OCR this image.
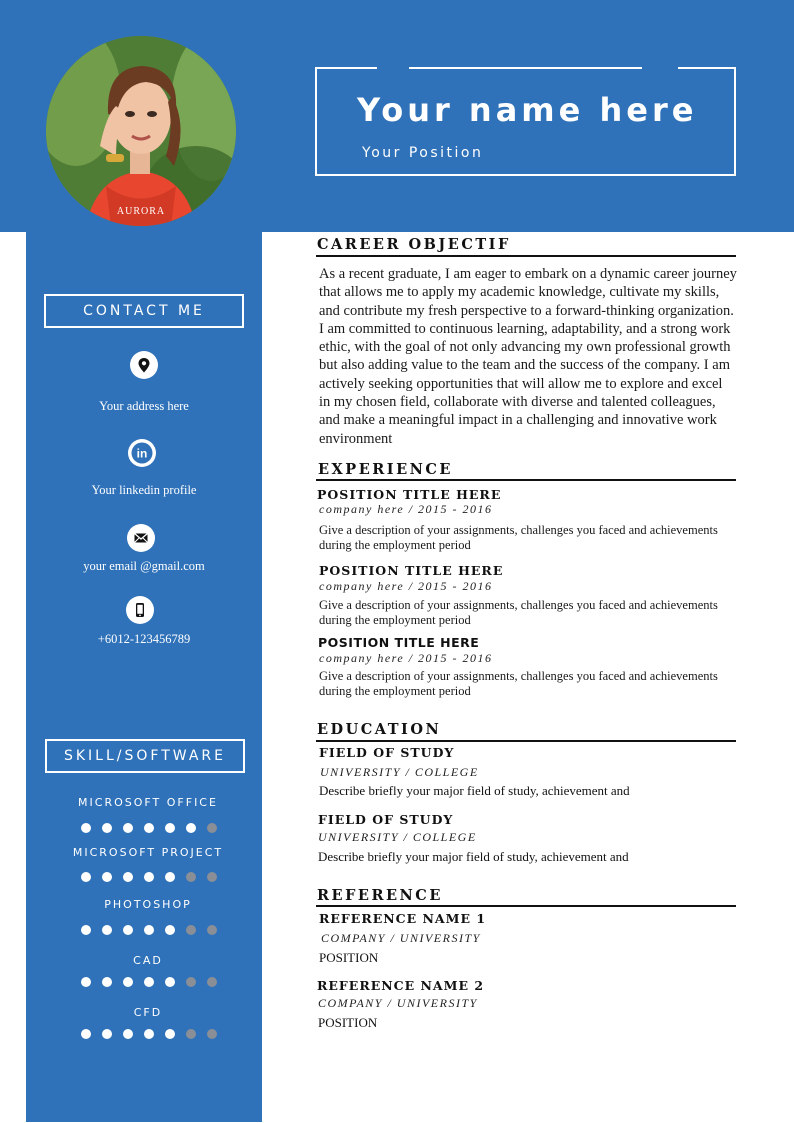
AURORA
Your name here
Your Position
CONTACT ME
Your address here
in
Your linkedin profile
your email @gmail.com
+6012-123456789
SKILL/SOFTWARE
MICROSOFT OFFICE
MICROSOFT PROJECT
PHOTOSHOP
CAD
CFD
CAREER OBJECTIF
As a recent graduate, I am eager to embark on a dynamic career journey that allows me to apply my academic knowledge, cultivate my skills, and contribute my fresh perspective to a forward-thinking organization. I am committed to continuous learning, adaptability, and a strong work ethic, with the goal of not only advancing my own professional growth but also adding value to the team and the success of the company. I am actively seeking opportunities that will allow me to explore and excel in my chosen field, collaborate with diverse and talented colleagues, and make a meaningful impact in a challenging and innovative work environment
EXPERIENCE
POSITION TITLE HERE
company here / 2015 - 2016
Give a description of your assignments, challenges you faced and achievements during the employment period
POSITION TITLE HERE
company here / 2015 - 2016
Give a description of your assignments, challenges you faced and achievements during the employment period
POSITION TITLE HERE
company here / 2015 - 2016
Give a description of your assignments, challenges you faced and achievements during the employment period
EDUCATION
FIELD OF STUDY
UNIVERSITY / COLLEGE
Describe briefly your major field of study, achievement and
FIELD OF STUDY
UNIVERSITY / COLLEGE
Describe briefly your major field of study, achievement and
REFERENCE
REFERENCE NAME 1
COMPANY / UNIVERSITY
POSITION
REFERENCE NAME 2
COMPANY / UNIVERSITY
POSITION
